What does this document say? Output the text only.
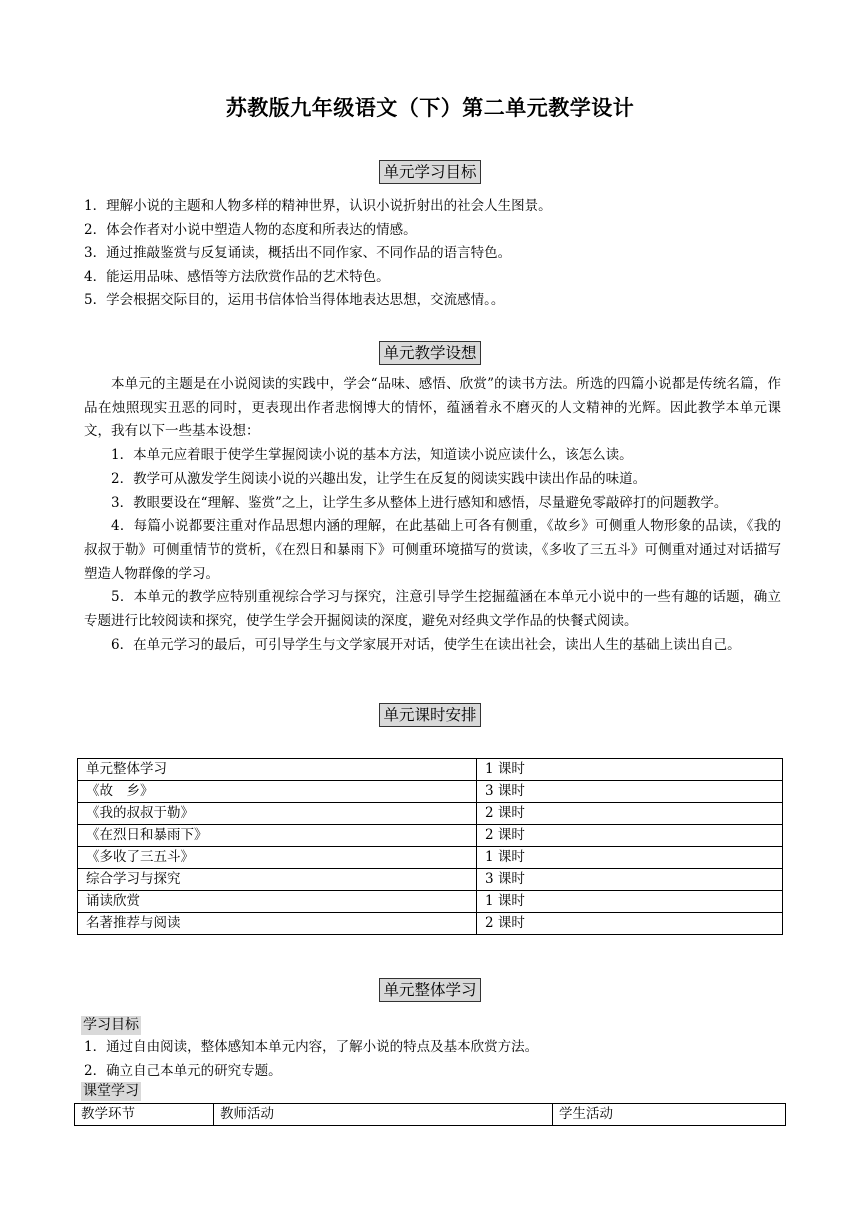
苏教版九年级语文（下）第二单元教学设计
单元学习目标
1．理解小说的主题和人物多样的精神世界，认识小说折射出的社会人生图景。
2．体会作者对小说中塑造人物的态度和所表达的情感。
3．通过推敲鉴赏与反复诵读，概括出不同作家、不同作品的语言特色。
4．能运用品味、感悟等方法欣赏作品的艺术特色。
5．学会根据交际目的，运用书信体恰当得体地表达思想，交流感情。。
单元教学设想

本单元的主题是在小说阅读的实践中，学会“品味、感悟、欣赏”的读书方法。所选的四篇小说都是传统名篇，作品在烛照现实丑恶的同时，更表现出作者悲悯博大的情怀，蕴涵着永不磨灭的人文精神的光辉。因此教学本单元课文，我有以下一些基本设想：

1．本单元应着眼于使学生掌握阅读小说的基本方法，知道读小说应读什么，该怎么读。

2．教学可从激发学生阅读小说的兴趣出发，让学生在反复的阅读实践中读出作品的味道。

3．教眼要设在“理解、鉴赏”之上，让学生多从整体上进行感知和感悟，尽量避免零敲碎打的问题教学。

4．每篇小说都要注重对作品思想内涵的理解，在此基础上可各有侧重，《故乡》可侧重人物形象的品读，《我的叔叔于勒》可侧重情节的赏析，《在烈日和暴雨下》可侧重环境描写的赏读，《多收了三五斗》可侧重对通过对话描写塑造人物群像的学习。

5．本单元的教学应特别重视综合学习与探究，注意引导学生挖掘蕴涵在本单元小说中的一些有趣的话题，确立专题进行比较阅读和探究，使学生学会开掘阅读的深度，避免对经典文学作品的快餐式阅读。

6．在单元学习的最后，可引导学生与文学家展开对话，使学生在读出社会，读出人生的基础上读出自己。

单元课时安排
单元整体学习	1 课时
《故　乡》	3 课时
《我的叔叔于勒》	2 课时
《在烈日和暴雨下》	2 课时
《多收了三五斗》	1 课时
综合学习与探究	3 课时
诵读欣赏	1 课时
名著推荐与阅读	2 课时
单元整体学习
学习目标
1．通过自由阅读，整体感知本单元内容，了解小说的特点及基本欣赏方法。
2．确立自己本单元的研究专题。
课堂学习
教学环节	教师活动	学生活动
